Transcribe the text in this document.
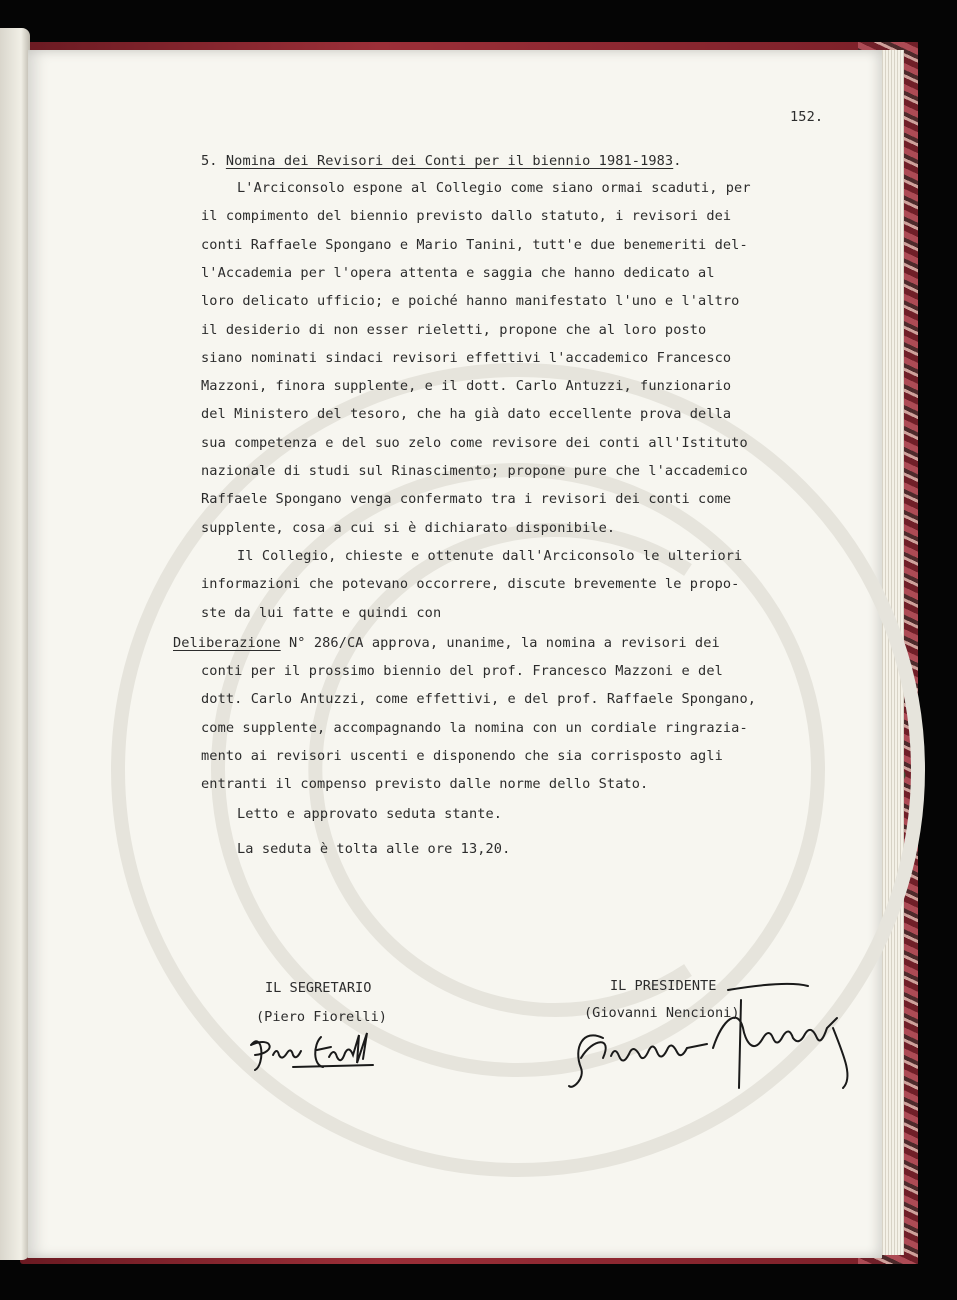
152.
5. Nomina dei Revisori dei Conti per il biennio 1981-1983.
L'Arciconsolo espone al Collegio come siano ormai scaduti, per
il compimento del biennio previsto dallo statuto, i revisori dei
conti Raffaele Spongano e Mario Tanini, tutt'e due benemeriti del-
l'Accademia per l'opera attenta e saggia che hanno dedicato al
loro delicato ufficio; e poiché hanno manifestato l'uno e l'altro
il desiderio di non esser rieletti, propone che al loro posto
siano nominati sindaci revisori effettivi l'accademico Francesco
Mazzoni, finora supplente, e il dott. Carlo Antuzzi, funzionario
del Ministero del tesoro, che ha già dato eccellente prova della
sua competenza e del suo zelo come revisore dei conti all'Istituto
nazionale di studi sul Rinascimento; propone pure che l'accademico
Raffaele Spongano venga confermato tra i revisori dei conti come
supplente, cosa a cui si è dichiarato disponibile.
Il Collegio, chieste e ottenute dall'Arciconsolo le ulteriori
informazioni che potevano occorrere, discute brevemente le propo-
ste da lui fatte e quindi con
Deliberazione N° 286/CA approva, unanime, la nomina a revisori dei
conti per il prossimo biennio del prof. Francesco Mazzoni e del
dott. Carlo Antuzzi, come effettivi, e del prof. Raffaele Spongano,
come supplente, accompagnando la nomina con un cordiale ringrazia-
mento ai revisori uscenti e disponendo che sia corrisposto agli
entranti il compenso previsto dalle norme dello Stato.
Letto e approvato seduta stante.
La seduta è tolta alle ore 13,20.
IL SEGRETARIO
(Piero Fiorelli)
IL PRESIDENTE
(Giovanni Nencioni)
